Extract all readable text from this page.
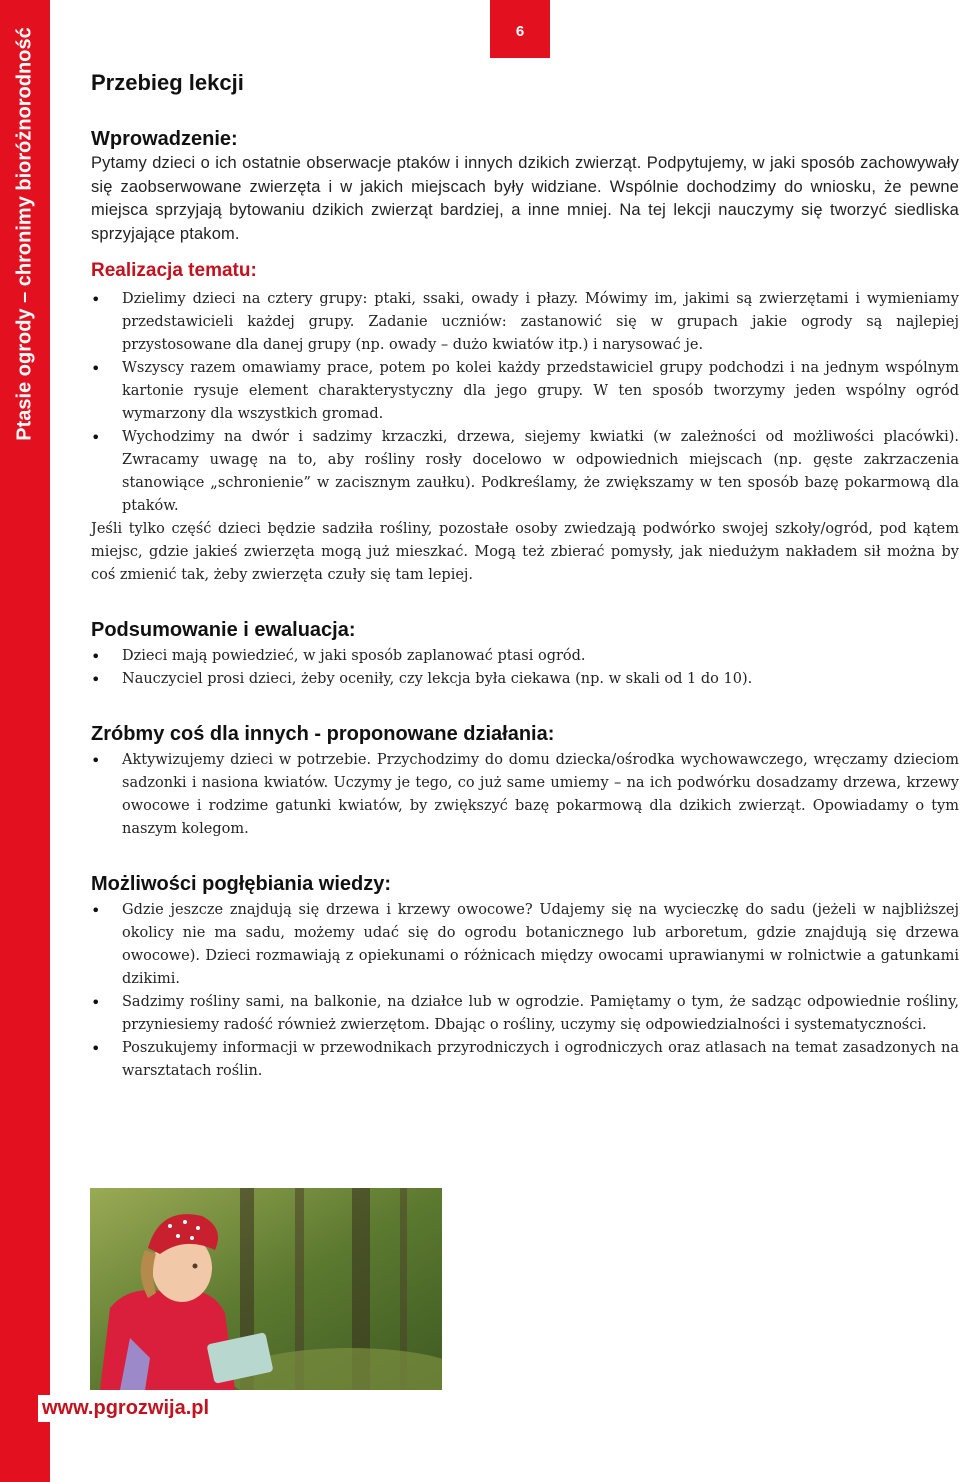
Ptasie ogrody – chronimy bioróżnorodność	6
Przebieg lekcji
Wprowadzenie:

Pytamy dzieci o ich ostatnie obserwacje ptaków i innych dzikich zwierząt. Podpytujemy, w jaki sposób zachowywały się zaobserwowane zwierzęta i w jakich miejscach były widziane. Wspólnie dochodzimy do wniosku, że pewne miejsca sprzyjają bytowaniu dzikich zwierząt bardziej, a inne mniej. Na tej lekcji nauczymy się tworzyć siedliska sprzyjające ptakom.

Realizacja tematu:
• Dzielimy dzieci na cztery grupy: ptaki, ssaki, owady i płazy. Mówimy im, jakimi są zwierzętami i wymieniamy przedstawicieli każdej grupy. Zadanie uczniów: zastanowić się w grupach jakie ogrody są najlepiej przystosowane dla danej grupy (np. owady – dużo kwiatów itp.) i narysować je.
• Wszyscy razem omawiamy prace, potem po kolei każdy przedstawiciel grupy podchodzi i na jednym wspólnym kartonie rysuje element charakterystyczny dla jego grupy. W ten sposób tworzymy jeden wspólny ogród wymarzony dla wszystkich gromad.
• Wychodzimy na dwór i sadzimy krzaczki, drzewa, siejemy kwiatki (w zależności od możliwości placówki). Zwracamy uwagę na to, aby rośliny rosły docelowo w odpowiednich miejscach (np. gęste zakrzaczenia stanowiące „schronienie” w zacisznym zaułku). Podkreślamy, że zwiększamy w ten sposób bazę pokarmową dla ptaków.

Jeśli tylko część dzieci będzie sadziła rośliny, pozostałe osoby zwiedzają podwórko swojej szkoły/ogród, pod kątem miejsc, gdzie jakieś zwierzęta mogą już mieszkać. Mogą też zbierać pomysły, jak niedużym nakładem sił można by coś zmienić tak, żeby zwierzęta czuły się tam lepiej.

Podsumowanie i ewaluacja:
• Dzieci mają powiedzieć, w jaki sposób zaplanować ptasi ogród.
• Nauczyciel prosi dzieci, żeby oceniły, czy lekcja była ciekawa (np. w skali od 1 do 10).
Zróbmy coś dla innych - proponowane działania:
• Aktywizujemy dzieci w potrzebie. Przychodzimy do domu dziecka/ośrodka wychowawczego, wręczamy dzieciom sadzonki i nasiona kwiatów. Uczymy je tego, co już same umiemy – na ich podwórku dosadzamy drzewa, krzewy owocowe i rodzime gatunki kwiatów, by zwiększyć bazę pokarmową dla dzikich zwierząt. Opowiadamy o tym naszym kolegom.
Możliwości pogłębiania wiedzy:
• Gdzie jeszcze znajdują się drzewa i krzewy owocowe? Udajemy się na wycieczkę do sadu (jeżeli w najbliższej okolicy nie ma sadu, możemy udać się do ogrodu botanicznego lub arboretum, gdzie znajdują się drzewa owocowe). Dzieci rozmawiają z opiekunami o różnicach między owocami uprawianymi w rolnictwie a gatunkami dzikimi.
• Sadzimy rośliny sami, na balkonie, na działce lub w ogrodzie. Pamiętamy o tym, że sadząc odpowiednie rośliny, przyniesiemy radość również zwierzętom. Dbając o rośliny, uczymy się odpowiedzialności i systematyczności.
• Poszukujemy informacji w przewodnikach przyrodniczych i ogrodniczych oraz atlasach na temat zasadzonych na warsztatach roślin.
www.pgrozwija.pl
